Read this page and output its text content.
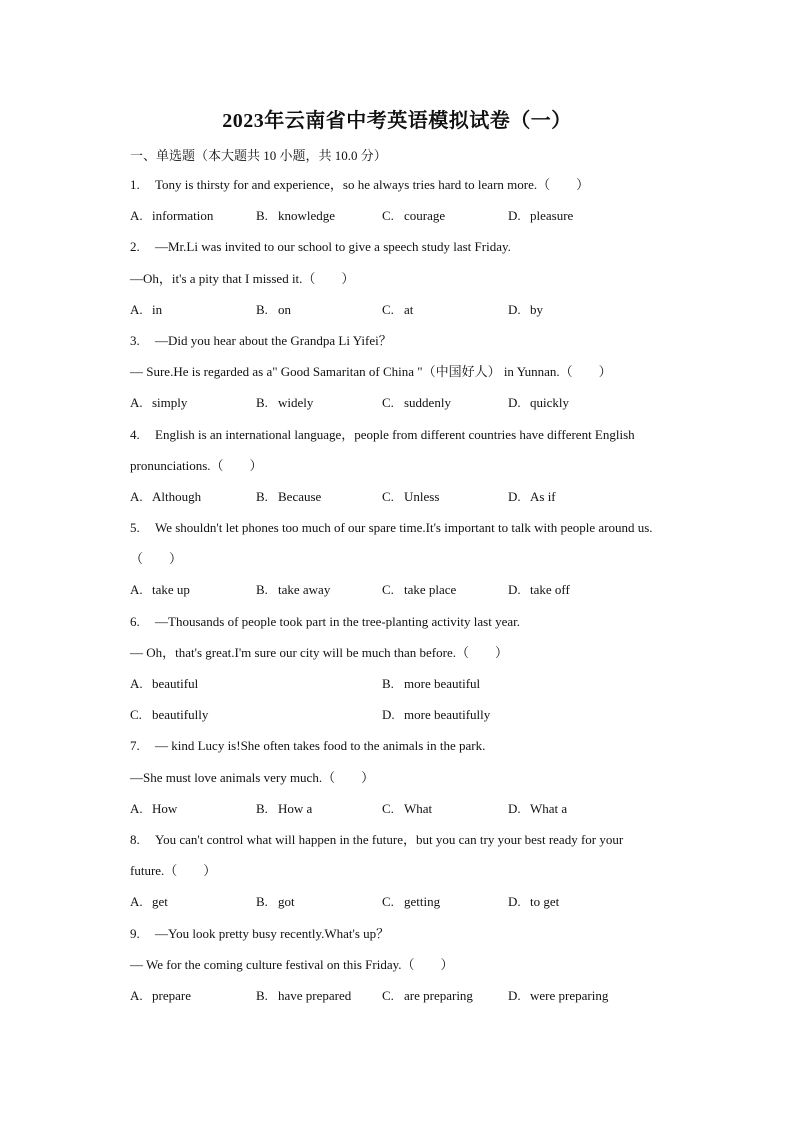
2023年云南省中考英语模拟试卷（一）
一、单选题（本大题共 10 小题，共 10.0 分）
1. Tony is thirsty for and experience，so he always tries hard to learn more.（　　）
A. information	B. knowledge	C. courage	D. pleasure
2. —Mr.Li was invited to our school to give a speech study last Friday.
—Oh，it's a pity that I missed it.（　　）
A. in	B. on	C. at	D. by
3. —Did you hear about the Grandpa Li Yifei？
— Sure.He is regarded as a" Good Samaritan of China "（中国好人） in Yunnan.（　　）
A. simply	B. widely	C. suddenly	D. quickly
4. English is an international language，people from different countries have different English
pronunciations.（　　）
A. Although	B. Because	C. Unless	D. As if
5. We shouldn't let phones too much of our spare time.It's important to talk with people around us.
（　　）
A. take up	B. take away	C. take place	D. take off
6. —Thousands of people took part in the tree-planting activity last year.
— Oh，that's great.I'm sure our city will be much than before.（　　）
A. beautiful	B. more beautiful
C. beautifully	D. more beautifully
7. — kind Lucy is!She often takes food to the animals in the park.
—She must love animals very much.（　　）
A. How	B. How a	C. What	D. What a
8. You can't control what will happen in the future，but you can try your best ready for your
future.（　　）
A. get	B. got	C. getting	D. to get
9. —You look pretty busy recently.What's up？
— We for the coming culture festival on this Friday.（　　）
A. prepare	B. have prepared	C. are preparing	D. were preparing
